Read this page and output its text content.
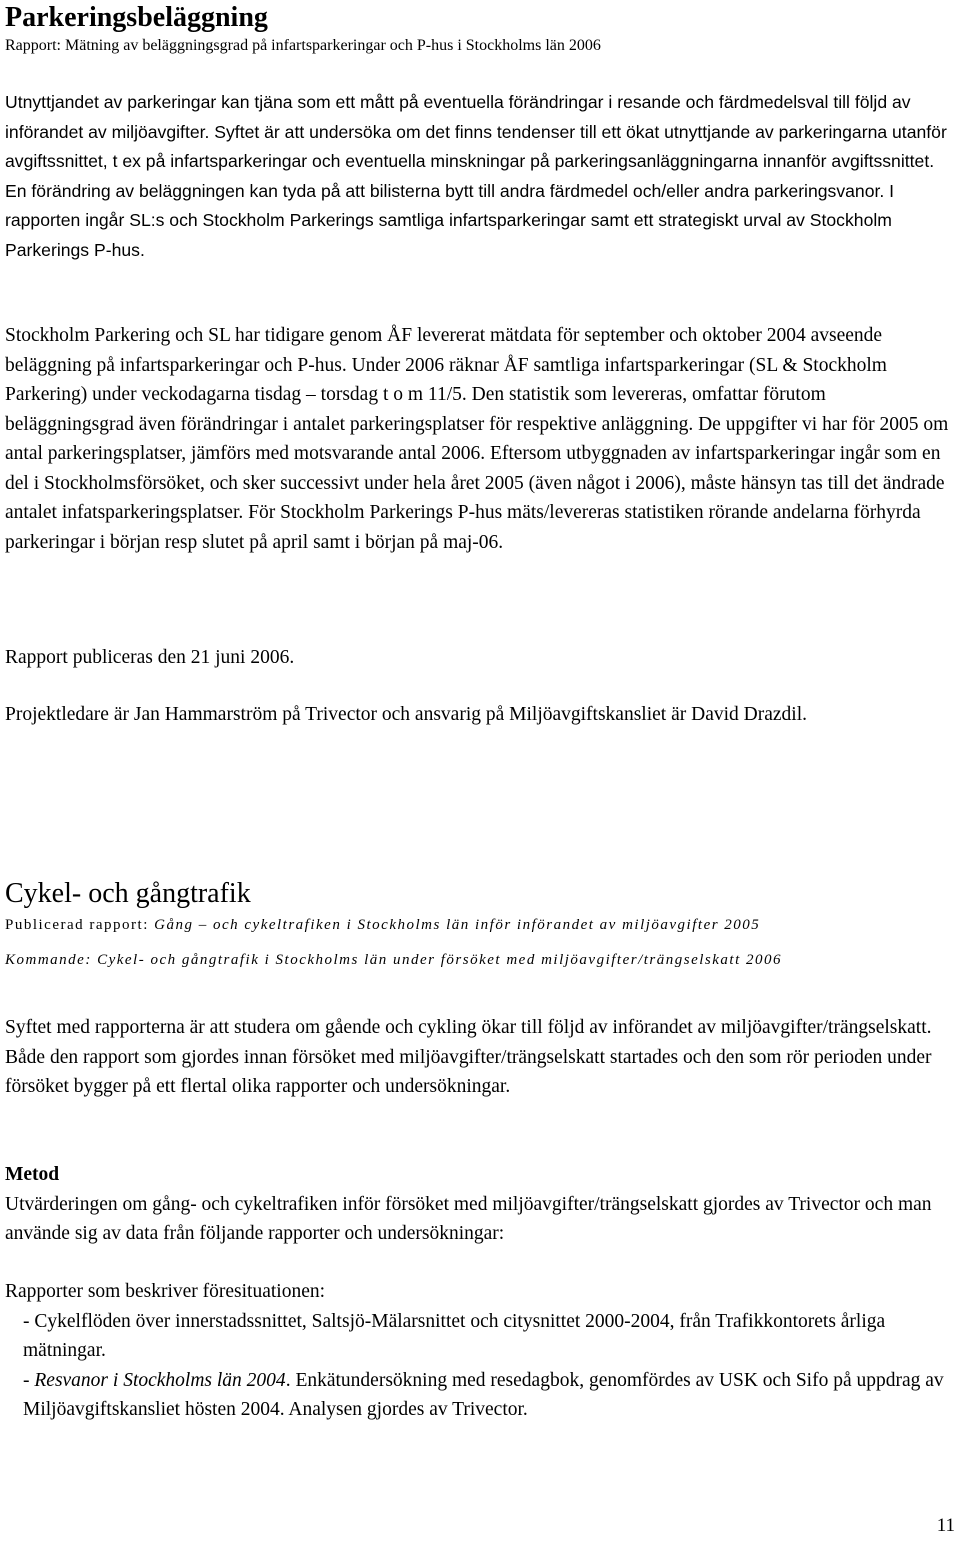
Parkeringsbeläggning
Rapport: Mätning av beläggningsgrad på infartsparkeringar och P-hus i Stockholms län 2006

Utnyttjandet av parkeringar kan tjäna som ett mått på eventuella förändringar i resande och färdmedelsval till följd av införandet av miljöavgifter. Syftet är att undersöka om det finns tendenser till ett ökat utnyttjande av parkeringarna utanför avgiftssnittet, t ex på infartsparkeringar och eventuella minskningar på parkeringsanläggningarna innanför avgiftssnittet. En förändring av beläggningen kan tyda på att bilisterna bytt till andra färdmedel och/eller andra parkeringsvanor. I rapporten ingår SL:s och Stockholm Parkerings samtliga infartsparkeringar samt ett strategiskt urval av Stockholm Parkerings P-hus.

Stockholm Parkering och SL har tidigare genom ÅF levererat mätdata för september och oktober 2004 avseende beläggning på infartsparkeringar och P-hus. Under 2006 räknar ÅF samtliga infartsparkeringar (SL & Stockholm Parkering) under veckodagarna tisdag – torsdag t o m 11/5. Den statistik som levereras, omfattar förutom beläggningsgrad även förändringar i antalet parkeringsplatser för respektive anläggning. De uppgifter vi har för 2005 om antal parkeringsplatser, jämförs med motsvarande antal 2006. Eftersom utbyggnaden av infartsparkeringar ingår som en del i Stockholmsförsöket, och sker successivt under hela året 2005 (även något i 2006), måste hänsyn tas till det ändrade antalet infatsparkeringsplatser. För Stockholm Parkerings P-hus mäts/levereras statistiken rörande andelarna förhyrda parkeringar i början resp slutet på april samt i början på maj-06.

Rapport publiceras den 21 juni 2006.

Projektledare är Jan Hammarström på Trivector och ansvarig på Miljöavgiftskansliet är David Drazdil.

Cykel- och gångtrafik
Publicerad rapport: Gång – och cykeltrafiken i Stockholms län inför införandet av miljöavgifter 2005
Kommande: Cykel- och gångtrafik i Stockholms län under försöket med miljöavgifter/trängselskatt 2006

Syftet med rapporterna är att studera om gående och cykling ökar till följd av införandet av miljöavgifter/trängselskatt. Både den rapport som gjordes innan försöket med miljöavgifter/trängselskatt startades och den som rör perioden under försöket bygger på ett flertal olika rapporter och undersökningar.

Metod

Utvärderingen om gång- och cykeltrafiken inför försöket med miljöavgifter/trängselskatt gjordes av Trivector och man använde sig av data från följande rapporter och undersökningar:

Rapporter som beskriver föresituationen:

- Cykelflöden över innerstadssnittet, Saltsjö-Mälarsnittet och citysnittet 2000-2004, från Trafikkontorets årliga mätningar.
- Resvanor i Stockholms län 2004. Enkätundersökning med resedagbok, genomfördes av USK och Sifo på uppdrag av Miljöavgiftskansliet hösten 2004. Analysen gjordes av Trivector.
11
